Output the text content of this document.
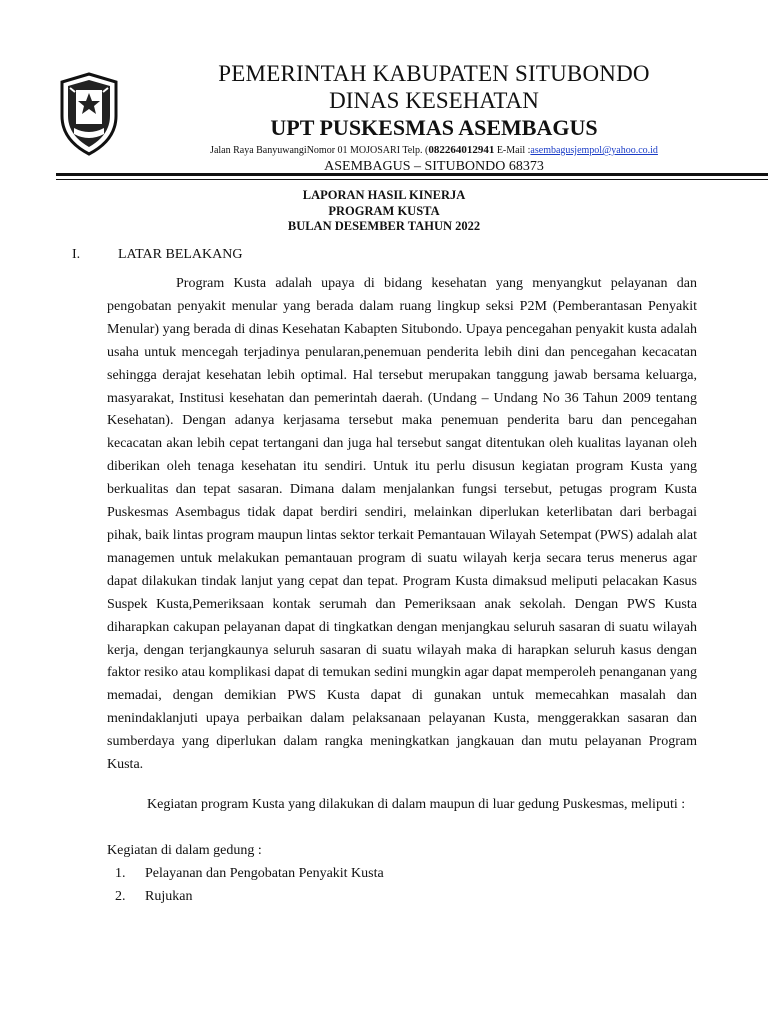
PEMERINTAH KABUPATEN SITUBONDO
DINAS KESEHATAN
UPT PUSKESMAS ASEMBAGUS
Jalan Raya BanyuwangiNomor 01 MOJOSARI Telp. (082264012941 E-Mail :asembagusjempol@yahoo.co.id
ASEMBAGUS – SITUBONDO 68373
LAPORAN HASIL KINERJA
PROGRAM KUSTA
BULAN DESEMBER TAHUN 2022
I.	LATAR BELAKANG
Program Kusta adalah upaya di bidang kesehatan yang menyangkut pelayanan dan pengobatan penyakit menular yang berada dalam ruang lingkup seksi P2M (Pemberantasan Penyakit Menular) yang berada di dinas Kesehatan Kabapten Situbondo. Upaya pencegahan penyakit kusta adalah usaha untuk mencegah terjadinya penularan,penemuan penderita lebih dini dan pencegahan kecacatan sehingga derajat kesehatan lebih optimal. Hal tersebut merupakan tanggung jawab bersama keluarga, masyarakat, Institusi kesehatan dan pemerintah daerah. (Undang – Undang No 36 Tahun 2009 tentang Kesehatan). Dengan adanya kerjasama tersebut maka penemuan penderita baru dan pencegahan kecacatan akan lebih cepat tertangani dan juga hal tersebut sangat ditentukan oleh kualitas layanan oleh diberikan oleh tenaga kesehatan itu sendiri. Untuk itu perlu disusun kegiatan program Kusta yang berkualitas dan tepat sasaran. Dimana dalam menjalankan fungsi tersebut, petugas program Kusta Puskesmas Asembagus tidak dapat berdiri sendiri, melainkan diperlukan keterlibatan dari berbagai pihak, baik lintas program maupun lintas sektor terkait Pemantauan Wilayah Setempat (PWS) adalah alat managemen untuk melakukan pemantauan program di suatu wilayah kerja secara terus menerus agar dapat dilakukan tindak lanjut yang cepat dan tepat. Program Kusta dimaksud meliputi pelacakan Kasus Suspek Kusta,Pemeriksaan kontak serumah dan Pemeriksaan anak sekolah. Dengan PWS Kusta diharapkan cakupan pelayanan dapat di tingkatkan dengan menjangkau seluruh sasaran di suatu wilayah kerja, dengan terjangkaunya seluruh sasaran di suatu wilayah maka di harapkan seluruh kasus dengan faktor resiko atau komplikasi dapat di temukan sedini mungkin agar dapat memperoleh penanganan yang memadai, dengan demikian PWS Kusta dapat di gunakan untuk memecahkan masalah dan menindaklanjuti upaya perbaikan dalam pelaksanaan pelayanan Kusta, menggerakkan sasaran dan sumberdaya yang diperlukan dalam rangka meningkatkan jangkauan dan mutu pelayanan Program Kusta.
Kegiatan program Kusta yang dilakukan di dalam maupun di luar gedung Puskesmas, meliputi :
Kegiatan di dalam gedung :
1. Pelayanan dan Pengobatan Penyakit Kusta
2. Rujukan
